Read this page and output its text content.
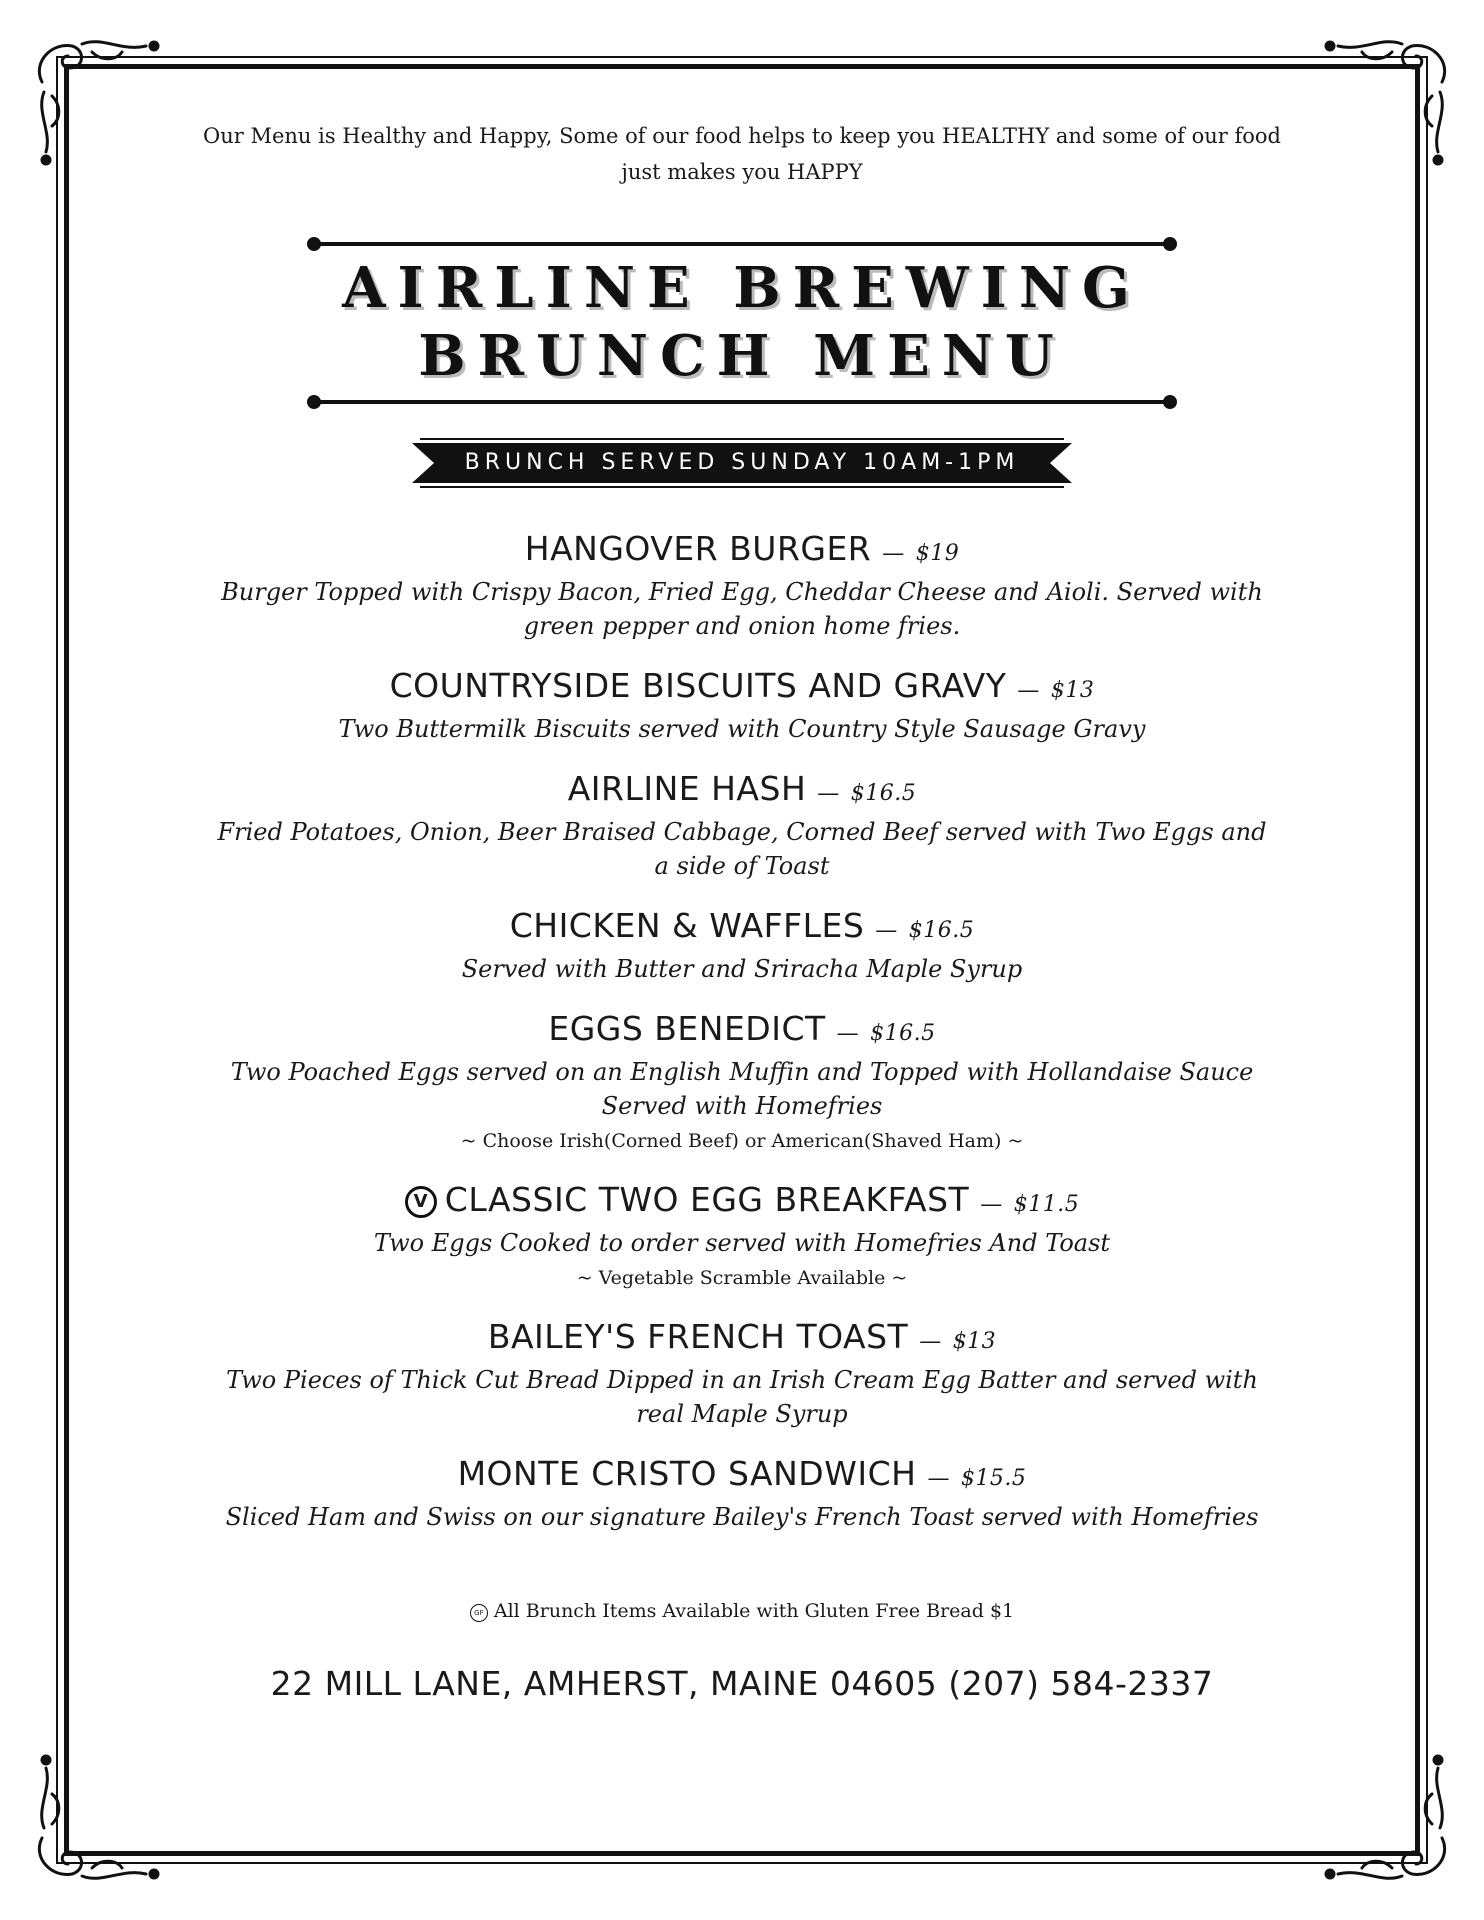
Our Menu is Healthy and Happy, Some of our food helps to keep you HEALTHY and some of our food just makes you HAPPY
AIRLINE BREWING
BRUNCH MENU
BRUNCH SERVED SUNDAY 10AM-1PM
HANGOVER BURGER — $19
Burger Topped with Crispy Bacon, Fried Egg, Cheddar Cheese and Aioli. Served with green pepper and onion home fries.
COUNTRYSIDE BISCUITS AND GRAVY — $13
Two Buttermilk Biscuits served with Country Style Sausage Gravy
AIRLINE HASH — $16.5
Fried Potatoes, Onion, Beer Braised Cabbage, Corned Beef served with Two Eggs and a side of Toast
CHICKEN & WAFFLES — $16.5
Served with Butter and Sriracha Maple Syrup
EGGS BENEDICT — $16.5
Two Poached Eggs served on an English Muffin and Topped with Hollandaise Sauce Served with Homefries
~ Choose Irish(Corned Beef) or American(Shaved Ham) ~
V CLASSIC TWO EGG BREAKFAST — $11.5
Two Eggs Cooked to order served with Homefries And Toast
~ Vegetable Scramble Available ~
BAILEY'S FRENCH TOAST — $13
Two Pieces of Thick Cut Bread Dipped in an Irish Cream Egg Batter and served with real Maple Syrup
MONTE CRISTO SANDWICH — $15.5
Sliced Ham and Swiss on our signature Bailey's French Toast served with Homefries
GF All Brunch Items Available with Gluten Free Bread $1
22 MILL LANE, AMHERST, MAINE 04605 (207) 584-2337
